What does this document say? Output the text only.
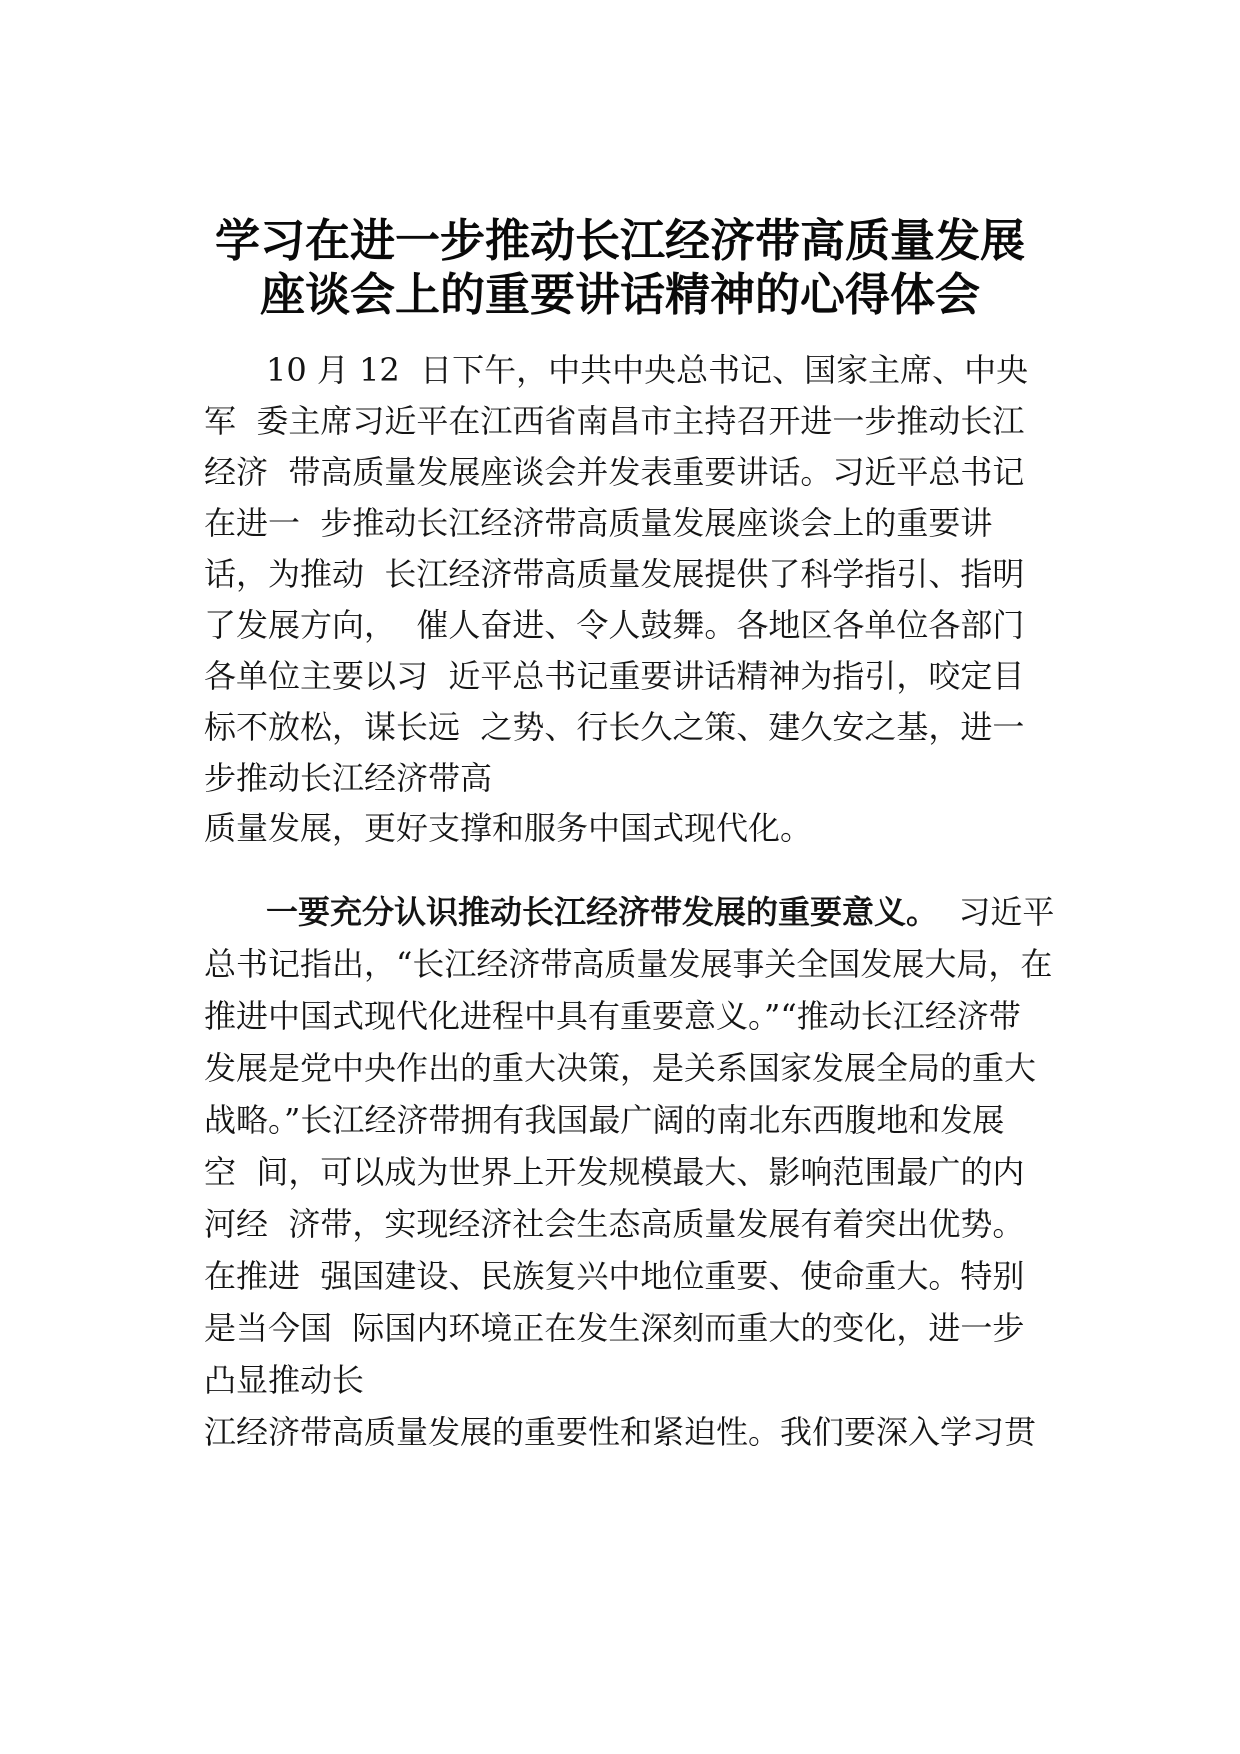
学习在进一步推动长江经济带高质量发展
座谈会上的重要讲话精神的心得体会
10 月 12  日下午，中共中央总书记、国家主席、中央
军  委主席习近平在江西省南昌市主持召开进一步推动长江
经济  带高质量发展座谈会并发表重要讲话。习近平总书记
在进一  步推动长江经济带高质量发展座谈会上的重要讲
话，为推动  长江经济带高质量发展提供了科学指引、指明
了发展方向，  催人奋进、令人鼓舞。各地区各单位各部门
各单位主要以习  近平总书记重要讲话精神为指引，咬定目
标不放松，谋长远  之势、行长久之策、建久安之基，进一
步推动长江经济带高
质量发展，更好支撑和服务中国式现代化。
一要充分认识推动长江经济带发展的重要意义。  习近平
总书记指出，“长江经济带高质量发展事关全国发展大局，在
推进中国式现代化进程中具有重要意义。”“推动长江经济带
发展是党中央作出的重大决策，是关系国家发展全局的重大
战略。”长江经济带拥有我国最广阔的南北东西腹地和发展
空  间，可以成为世界上开发规模最大、影响范围最广的内
河经  济带，实现经济社会生态高质量发展有着突出优势。
在推进  强国建设、民族复兴中地位重要、使命重大。特别
是当今国  际国内环境正在发生深刻而重大的变化，进一步
凸显推动长
江经济带高质量发展的重要性和紧迫性。我们要深入学习贯
